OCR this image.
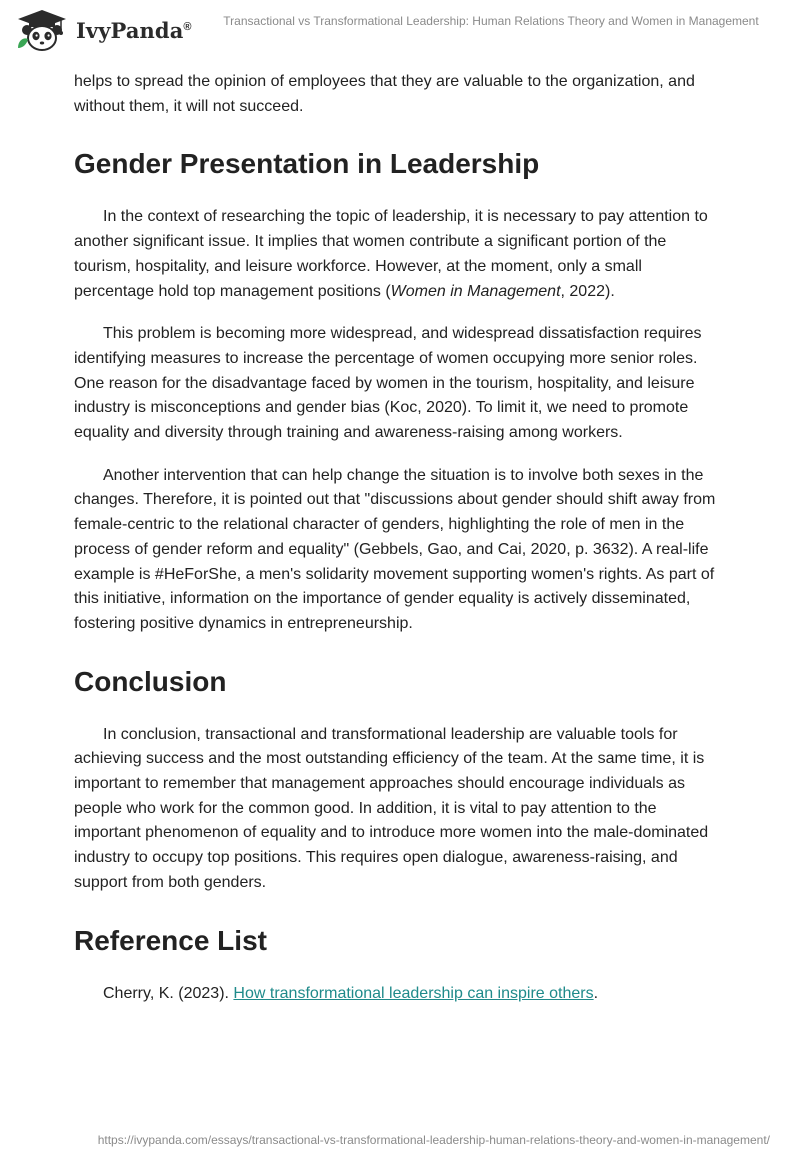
IvyPanda®	Transactional vs Transformational Leadership: Human Relations Theory and Women in Management

helps to spread the opinion of employees that they are valuable to the organization, and without them, it will not succeed.

Gender Presentation in Leadership

In the context of researching the topic of leadership, it is necessary to pay attention to another significant issue. It implies that women contribute a significant portion of the tourism, hospitality, and leisure workforce. However, at the moment, only a small percentage hold top management positions (Women in Management, 2022).

This problem is becoming more widespread, and widespread dissatisfaction requires identifying measures to increase the percentage of women occupying more senior roles. One reason for the disadvantage faced by women in the tourism, hospitality, and leisure industry is misconceptions and gender bias (Koc, 2020). To limit it, we need to promote equality and diversity through training and awareness-raising among workers.

Another intervention that can help change the situation is to involve both sexes in the changes. Therefore, it is pointed out that "discussions about gender should shift away from female-centric to the relational character of genders, highlighting the role of men in the process of gender reform and equality" (Gebbels, Gao, and Cai, 2020, p. 3632). A real-life example is #HeForShe, a men's solidarity movement supporting women's rights. As part of this initiative, information on the importance of gender equality is actively disseminated, fostering positive dynamics in entrepreneurship.

Conclusion

In conclusion, transactional and transformational leadership are valuable tools for achieving success and the most outstanding efficiency of the team. At the same time, it is important to remember that management approaches should encourage individuals as people who work for the common good. In addition, it is vital to pay attention to the important phenomenon of equality and to introduce more women into the male-dominated industry to occupy top positions. This requires open dialogue, awareness-raising, and support from both genders.

Reference List

Cherry, K. (2023). How transformational leadership can inspire others.

https://ivypanda.com/essays/transactional-vs-transformational-leadership-human-relations-theory-and-women-in-management/
